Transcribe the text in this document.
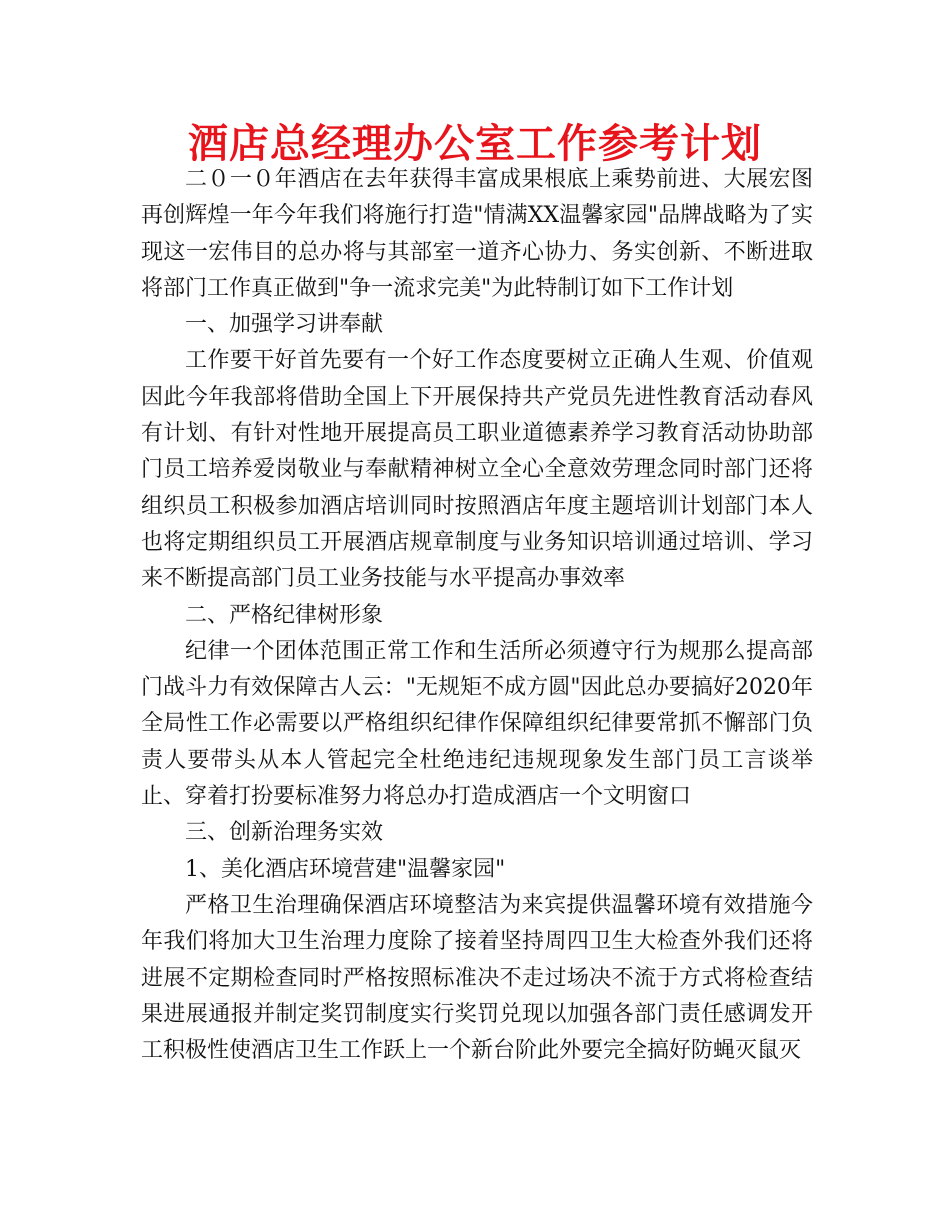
酒店总经理办公室工作参考计划

二０一０年酒店在去年获得丰富成果根底上乘势前进、大展宏图再创辉煌一年今年我们将施行打造"情满XX温馨家园"品牌战略为了实现这一宏伟目的总办将与其部室一道齐心协力、务实创新、不断进取将部门工作真正做到"争一流求完美"为此特制订如下工作计划

一、加强学习讲奉献

工作要干好首先要有一个好工作态度要树立正确人生观、价值观因此今年我部将借助全国上下开展保持共产党员先进性教育活动春风有计划、有针对性地开展提高员工职业道德素养学习教育活动协助部门员工培养爱岗敬业与奉献精神树立全心全意效劳理念同时部门还将组织员工积极参加酒店培训同时按照酒店年度主题培训计划部门本人也将定期组织员工开展酒店规章制度与业务知识培训通过培训、学习来不断提高部门员工业务技能与水平提高办事效率

二、严格纪律树形象

纪律一个团体范围正常工作和生活所必须遵守行为规那么提高部门战斗力有效保障古人云："无规矩不成方圆"因此总办要搞好2020年全局性工作必需要以严格组织纪律作保障组织纪律要常抓不懈部门负责人要带头从本人管起完全杜绝违纪违规现象发生部门员工言谈举止、穿着打扮要标准努力将总办打造成酒店一个文明窗口

三、创新治理务实效

1、美化酒店环境营建"温馨家园"

严格卫生治理确保酒店环境整洁为来宾提供温馨环境有效措施今年我们将加大卫生治理力度除了接着坚持周四卫生大检查外我们还将进展不定期检查同时严格按照标准决不走过场决不流于方式将检查结果进展通报并制定奖罚制度实行奖罚兑现以加强各部门责任感调发开工积极性使酒店卫生工作跃上一个新台阶此外要完全搞好防蝇灭鼠灭
